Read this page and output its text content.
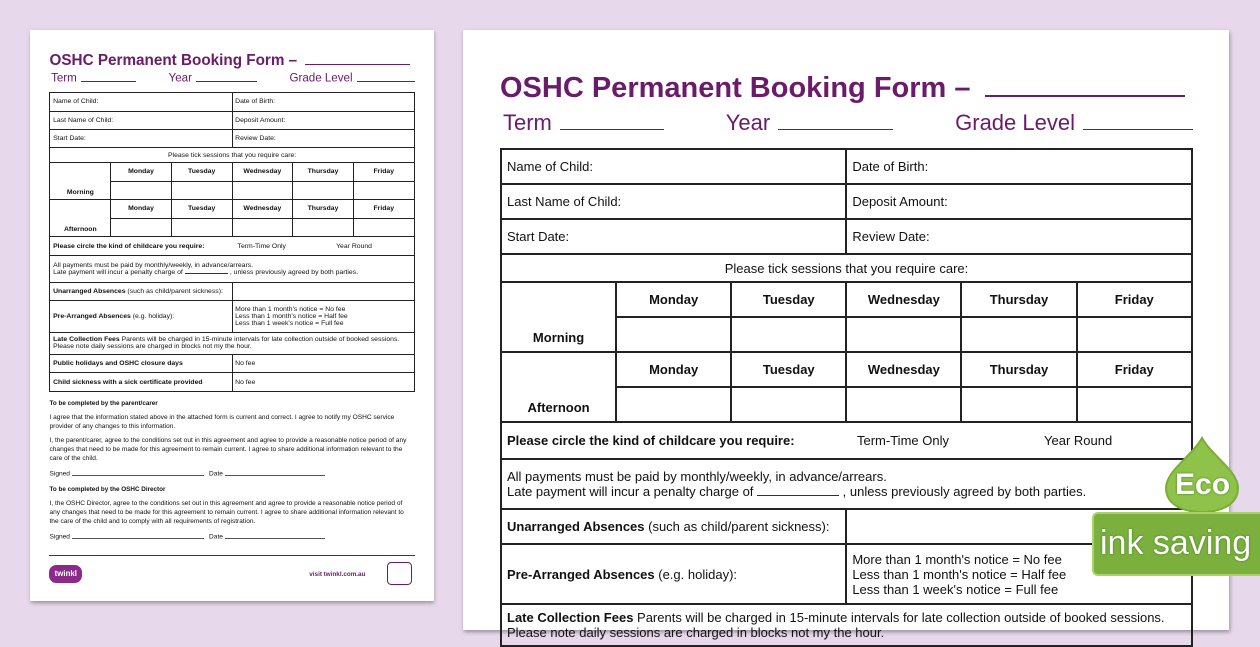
OSHC Permanent Booking Form –
Term	Year	Grade Level
Name of Child:			Date of Birth:		
Last Name of Child:			Deposit Amount:		
Start Date:			Review Date:		
Please tick sessions that you require care:					
Morning	Monday	Tuesday	Wednesday	Thursday	Friday

Afternoon	Monday	Tuesday	Wednesday	Thursday	Friday

Please circle the kind of childcare you require: Term-Time Only Year Round					

All payments must be paid by monthly/weekly, in advance/arrears.
Late payment will incur a penalty charge of , unless previously agreed by both parties.					

Unarranged Absences (such as child/parent sickness):					
Pre-Arranged Absences (e.g. holiday):			More than 1 month's notice = No fee
Less than 1 month's notice = Half fee
Less than 1 week's notice = Full fee		

Late Collection Fees Parents will be charged in 15-minute intervals for late collection outside of booked sessions.
Please note daily sessions are charged in blocks not my the hour.					

Public holidays and OSHC closure days			No fee		
Child sickness with a sick certificate provided			No fee		
To be completed by the parent/carer

I agree that the information stated above in the attached form is current and correct. I agree to notify my OSHC service provider of any changes to this information.

I, the parent/carer, agree to the conditions set out in this agreement and agree to provide a reasonable notice period of any changes that need to be made for this agreement to remain current. I agree to share additional information relevant to the care of the child.

Signed	Date

To be completed by the OSHC Director

I, the OSHC Director, agree to the conditions set out in this agreement and agree to provide a reasonable notice period of any changes that need to be made for this agreement to remain current. I agree to share additional information relevant to the care of the child and to comply with all requirements of registration.

Signed	Date

twinkl	visit twinkl.com.au
OSHC Permanent Booking Form –
Term	Year	Grade Level
Name of Child:			Date of Birth:		
Last Name of Child:			Deposit Amount:		
Start Date:			Review Date:		
Please tick sessions that you require care:					
Morning	Monday	Tuesday	Wednesday	Thursday	Friday

Afternoon	Monday	Tuesday	Wednesday	Thursday	Friday

Please circle the kind of childcare you require: Term-Time Only Year Round					

All payments must be paid by monthly/weekly, in advance/arrears.
Late payment will incur a penalty charge of , unless previously agreed by both parties.					

Unarranged Absences (such as child/parent sickness):					
Pre-Arranged Absences (e.g. holiday):			More than 1 month's notice = No fee
Less than 1 month's notice = Half fee
Less than 1 week's notice = Full fee		

Late Collection Fees Parents will be charged in 15-minute intervals for late collection outside of booked sessions.
Please note daily sessions are charged in blocks not my the hour.					
Eco
ink saving
